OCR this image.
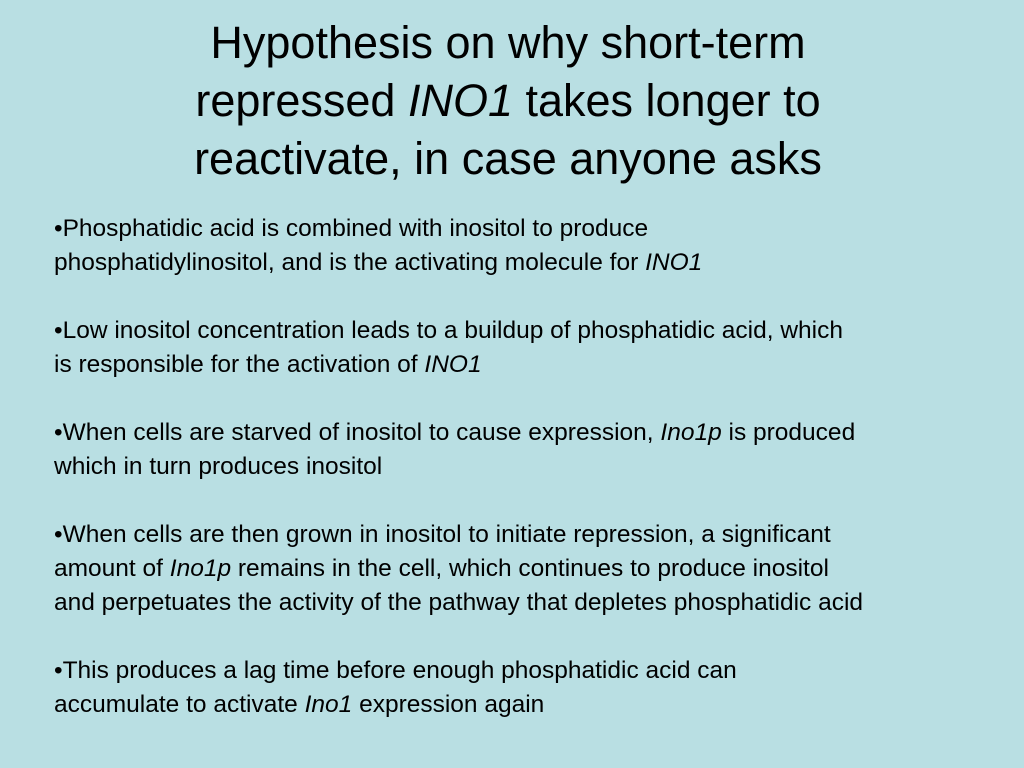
Hypothesis on why short-term
repressed INO1 takes longer to
reactivate, in case anyone asks
•Phosphatidic acid is combined with inositol to produce
phosphatidylinositol, and is the activating molecule for INO1
•Low inositol concentration leads to a buildup of phosphatidic acid, which
is responsible for the activation of INO1
•When cells are starved of inositol to cause expression, Ino1p is produced
which in turn produces inositol
•When cells are then grown in inositol to initiate repression, a significant
amount of Ino1p remains in the cell, which continues to produce inositol
and perpetuates the activity of the pathway that depletes phosphatidic acid
•This produces a lag time before enough phosphatidic acid can
accumulate to activate Ino1 expression again
